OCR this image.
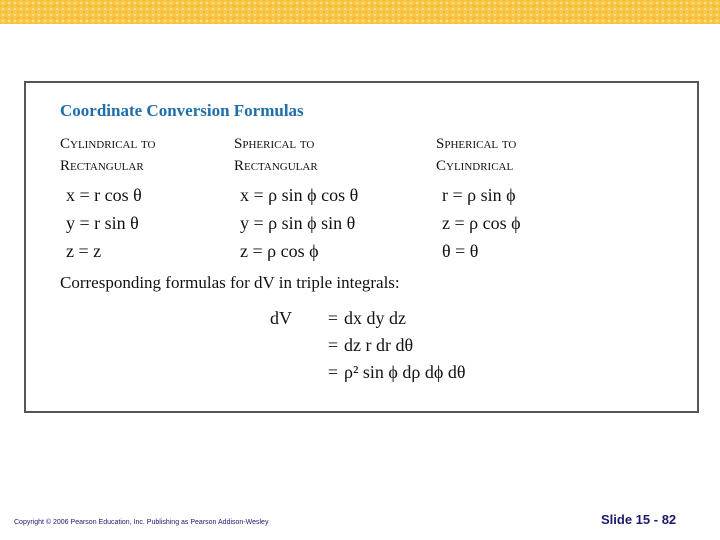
Coordinate Conversion Formulas
Cylindrical to
Rectangular
x = r cos θ
y = r sin θ
z = z
Spherical to
Rectangular
x = ρ sin ϕ cos θ
y = ρ sin ϕ sin θ
z = ρ cos ϕ
Spherical to
Cylindrical
r = ρ sin ϕ
z = ρ cos ϕ
θ = θ
Corresponding formulas for dV in triple integrals:
dV	= dx dy dz
= dz r dr dθ
= ρ² sin ϕ dρ dϕ dθ
Copyright © 2006 Pearson Education, Inc. Publishing as Pearson Addison-Wesley	Slide 15 - 82
